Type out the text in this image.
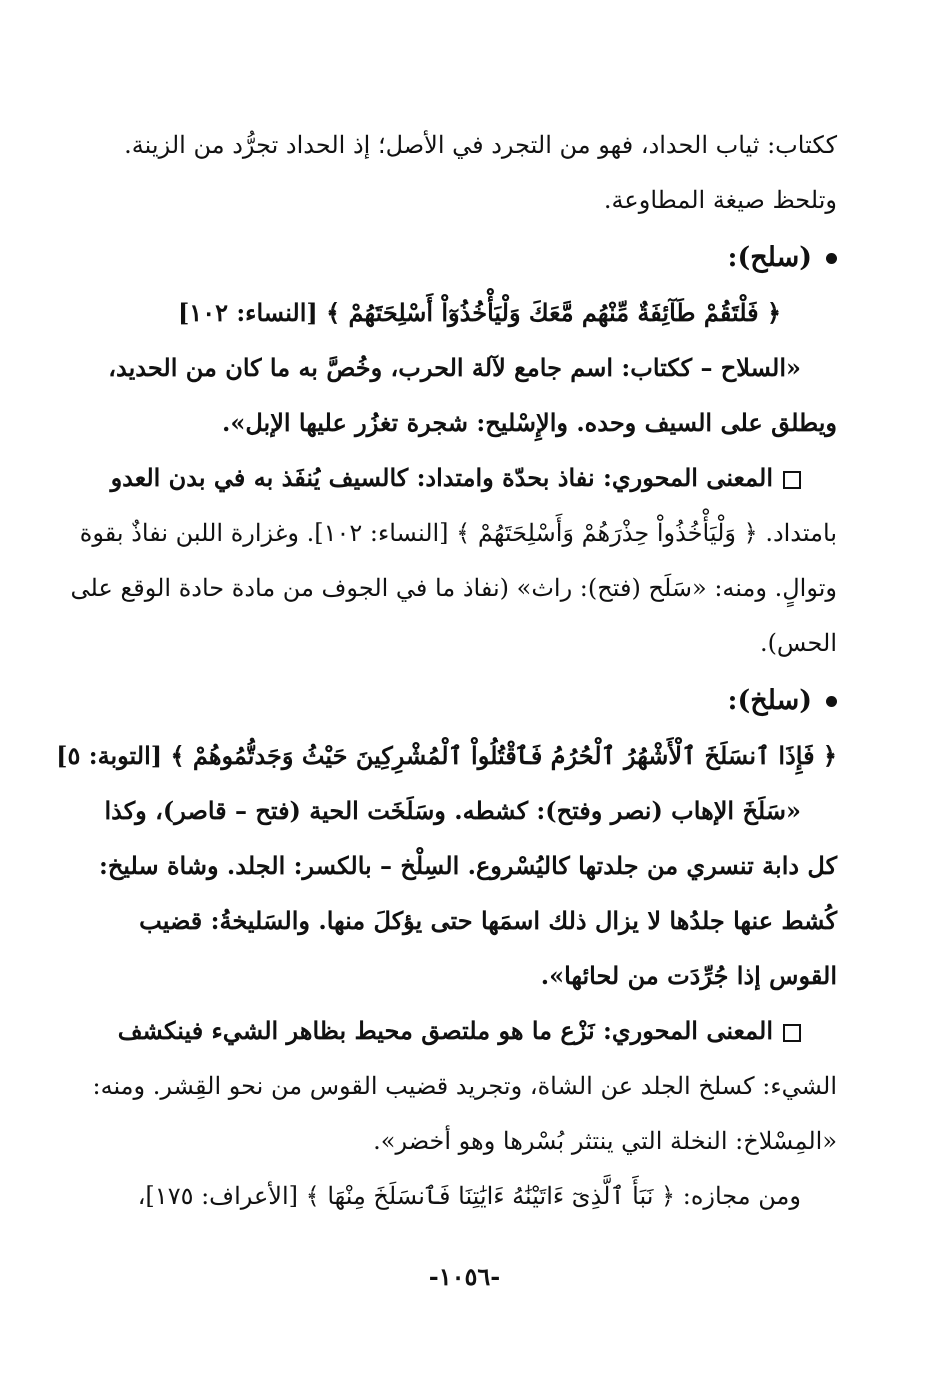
ككتاب: ثياب الحداد، فهو من التجرد في الأصل؛ إذ الحداد تجرُّد من الزينة.
وتلحظ صيغة المطاوعة.
(سلح):
﴿ فَلْتَقُمْ طَآئِفَةٌ مِّنْهُم مَّعَكَ وَلْيَأْخُذُوٓاْ أَسْلِحَتَهُمْ ﴾ [النساء: ١٠٢]
«السلاح – ككتاب: اسم جامع لآلة الحرب، وخُصَّ به ما كان من الحديد،
ويطلق على السيف وحده. والإِسْليح: شجرة تغزُر عليها الإبل».
المعنى المحوري: نفاذ بحدّة وامتداد: كالسيف يُنفَذ به في بدن العدو
بامتداد. ﴿ وَلْيَأْخُذُواْ حِذْرَهُمْ وَأَسْلِحَتَهُمْ ﴾ [النساء: ١٠٢]. وغزارة اللبن نفاذٌ بقوة
وتوالٍ. ومنه: «سَلَح (فتح): راث» (نفاذ ما في الجوف من مادة حادة الوقع على
الحس).
(سلخ):
﴿ فَإِذَا ٱنسَلَخَ ٱلْأَشْهُرُ ٱلْحُرُمُ فَٱقْتُلُواْ ٱلْمُشْرِكِينَ حَيْثُ وَجَدتُّمُوهُمْ ﴾ [التوبة: ٥]
«سَلَخَ الإهاب (نصر وفتح): كشطه. وسَلَخَت الحية (فتح – قاصر)، وكذا
كل دابة تنسري من جلدتها كاليُسْروع. السِلْخ – بالكسر: الجلد. وشاة سليخ:
كُشط عنها جلدُها لا يزال ذلك اسمَها حتى يؤكلَ منها. والسَليخةُ: قضيب
القوس إذا جُرِّدَت من لحائها».
المعنى المحوري: نَزْع ما هو ملتصق محيط بظاهر الشيء فينكشف
الشيء: كسلخ الجلد عن الشاة، وتجريد قضيب القوس من نحو القِشر. ومنه:
«المِسْلاخ: النخلة التي ينتثر بُسْرها وهو أخضر».
ومن مجازه: ﴿ نَبَأَ ٱلَّذِىٓ ءَاتَيْنَٰهُ ءَايَٰتِنَا فَٱنسَلَخَ مِنْهَا ﴾ [الأعراف: ١٧٥]،
-١٠٥٦-
